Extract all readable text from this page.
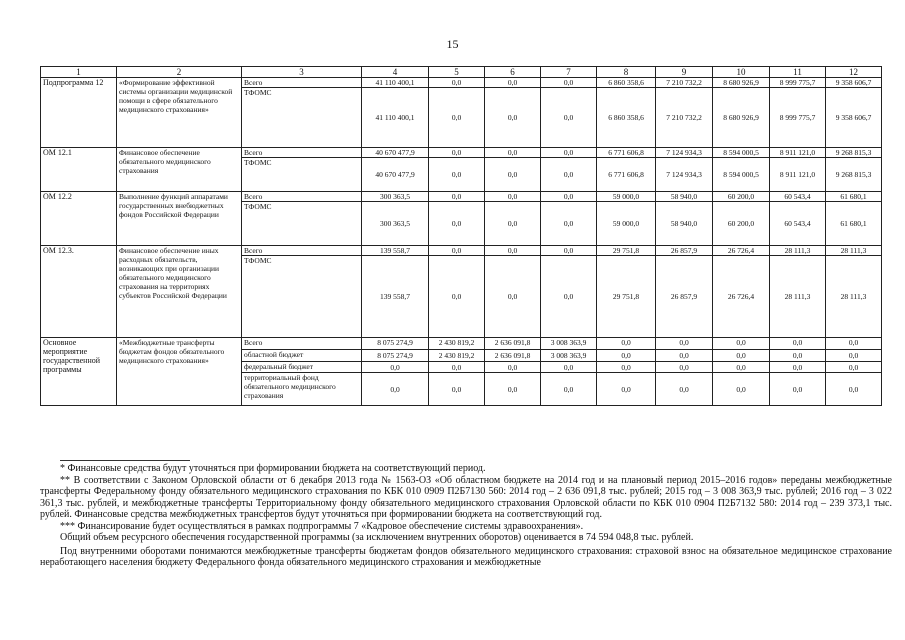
15
1	2	3	4	5	6	7	8	9	10	11	12
Подпрограмма 12	«Формирование эффективной системы организации медицинской помощи в сфере обязательного медицинского страхования»	Всего	41 110 400,1	0,0	0,0	0,0	6 860 358,6	7 210 732,2	8 680 926,9	8 999 775,7	9 358 606,7
		ТФОМС	41 110 400,1	0,0	0,0	0,0	6 860 358,6	7 210 732,2	8 680 926,9	8 999 775,7	9 358 606,7
ОМ 12.1	Финансовое обеспечение обязательного медицинского страхования	Всего	40 670 477,9	0,0	0,0	0,0	6 771 606,8	7 124 934,3	8 594 000,5	8 911 121,0	9 268 815,3
		ТФОМС	40 670 477,9	0,0	0,0	0,0	6 771 606,8	7 124 934,3	8 594 000,5	8 911 121,0	9 268 815,3
ОМ 12.2	Выполнение функций аппаратами государственных внебюджетных фондов Российской Федерации	Всего	300 363,5	0,0	0,0	0,0	59 000,0	58 940,0	60 200,0	60 543,4	61 680,1
		ТФОМС	300 363,5	0,0	0,0	0,0	59 000,0	58 940,0	60 200,0	60 543,4	61 680,1
ОМ 12.3.	Финансовое обеспечение иных расходных обязательств, возникающих при организации обязательного медицинского страхования на территориях субъектов Российской Федерации	Всего	139 558,7	0,0	0,0	0,0	29 751,8	26 857,9	26 726,4	28 111,3	28 111,3
		ТФОМС	139 558,7	0,0	0,0	0,0	29 751,8	26 857,9	26 726,4	28 111,3	28 111,3
Основное мероприятие государственной программы	«Межбюджетные трансферты бюджетам фондов обязательного медицинского страхования»	Всего	8 075 274,9	2 430 819,2	2 636 091,8	3 008 363,9	0,0	0,0	0,0	0,0	0,0
		областной бюджет	8 075 274,9	2 430 819,2	2 636 091,8	3 008 363,9	0,0	0,0	0,0	0,0	0,0
		федеральный бюджет	0,0	0,0	0,0	0,0	0,0	0,0	0,0	0,0	0,0
		территориальный фонд обязательного медицинского страхования	0,0	0,0	0,0	0,0	0,0	0,0	0,0	0,0	0,0

* Финансовые средства будут уточняться при формировании бюджета на соответствующий период.

** В соответствии с Законом Орловской области от 6 декабря 2013 года № 1563-ОЗ «Об областном бюджете на 2014 год и на плановый период 2015–2016 годов» переданы межбюджетные трансферты Федеральному фонду обязательного медицинского страхования по КБК 010 0909 П2Б7130 560: 2014 год – 2 636 091,8 тыс. рублей; 2015 год – 3 008 363,9 тыс. рублей; 2016 год – 3 022 361,3 тыс. рублей, и межбюджетные трансферты Территориальному фонду обязательного медицинского страхования Орловской области по КБК 010 0904 П2Б7132 580: 2014 год – 239 373,1 тыс. рублей. Финансовые средства межбюджетных трансфертов будут уточняться при формировании бюджета на соответствующий год.

*** Финансирование будет осуществляться в рамках подпрограммы 7 «Кадровое обеспечение системы здравоохранения».

Общий объем ресурсного обеспечения государственной программы (за исключением внутренних оборотов) оценивается в 74 594 048,8 тыс. рублей.

Под внутренними оборотами понимаются межбюджетные трансферты бюджетам фондов обязательного медицинского страхования: страховой взнос на обязательное медицинское страхование неработающего населения бюджету Федерального фонда обязательного медицинского страхования и межбюджетные
